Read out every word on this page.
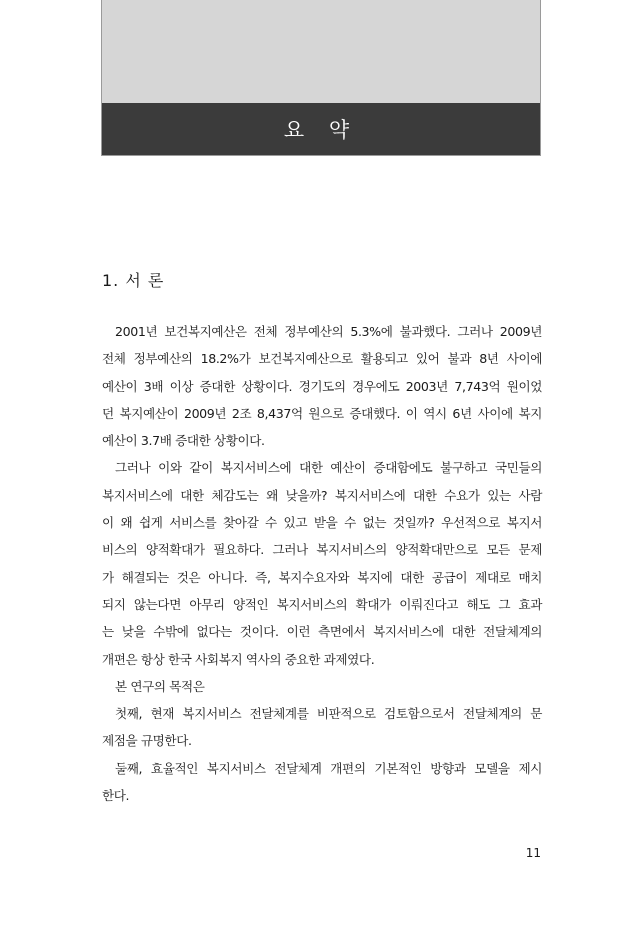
요 약
1. 서 론
2001년 보건복지예산은 전체 정부예산의 5.3%에 불과했다. 그러나 2009년
전체 정부예산의 18.2%가 보건복지예산으로 활용되고 있어 불과 8년 사이에
예산이 3배 이상 증대한 상황이다. 경기도의 경우에도 2003년 7,743억 원이었
던 복지예산이 2009년 2조 8,437억 원으로 증대했다. 이 역시 6년 사이에 복지
예산이 3.7배 증대한 상황이다.
그러나 이와 같이 복지서비스에 대한 예산이 증대함에도 불구하고 국민들의
복지서비스에 대한 체감도는 왜 낮을까? 복지서비스에 대한 수요가 있는 사람
이 왜 쉽게 서비스를 찾아갈 수 있고 받을 수 없는 것일까? 우선적으로 복지서
비스의 양적확대가 필요하다. 그러나 복지서비스의 양적확대만으로 모든 문제
가 해결되는 것은 아니다. 즉, 복지수요자와 복지에 대한 공급이 제대로 매치
되지 않는다면 아무리 양적인 복지서비스의 확대가 이뤄진다고 해도 그 효과
는 낮을 수밖에 없다는 것이다. 이런 측면에서 복지서비스에 대한 전달체계의
개편은 항상 한국 사회복지 역사의 중요한 과제였다.
본 연구의 목적은
첫째, 현재 복지서비스 전달체계를 비판적으로 검토함으로서 전달체계의 문
제점을 규명한다.
둘째, 효율적인 복지서비스 전달체계 개편의 기본적인 방향과 모델을 제시
한다.
11
